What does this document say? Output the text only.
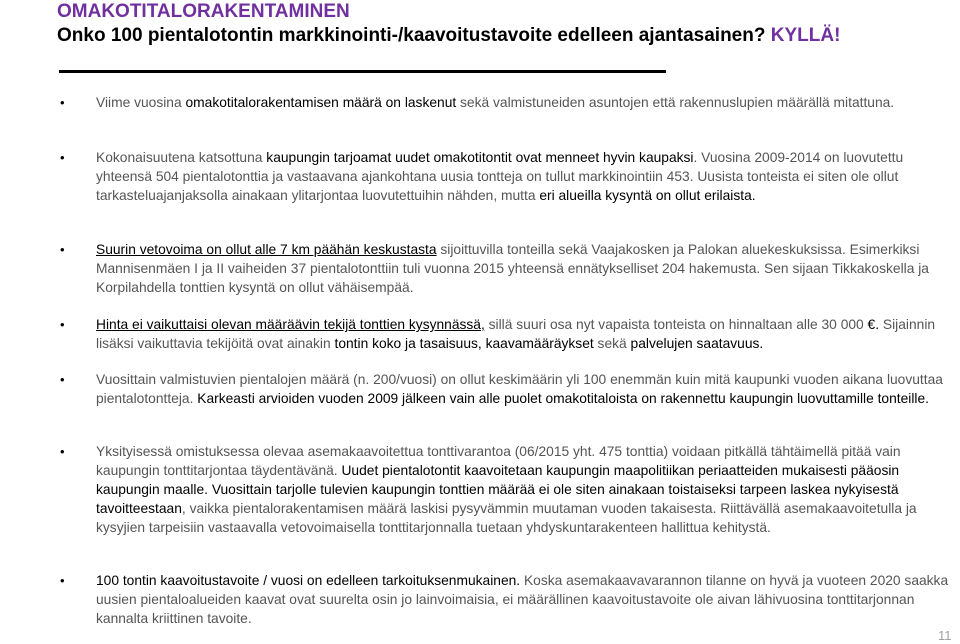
OMAKOTITALORAKENTAMINEN
Onko 100 pientalotontin markkinointi-/kaavoitustavoite edelleen ajantasainen? KYLLÄ!
• Viime vuosina omakotitalorakentamisen määrä on laskenut sekä valmistuneiden asuntojen että rakennuslupien määrällä mitattuna.
• Kokonaisuutena katsottuna kaupungin tarjoamat uudet omakotitontit ovat menneet hyvin kaupaksi. Vuosina 2009-2014 on luovutettu yhteensä 504 pientalotonttia ja vastaavana ajankohtana uusia tontteja on tullut markkinointiin 453. Uusista tonteista ei siten ole ollut tarkasteluajanjaksolla ainakaan ylitarjontaa luovutettuihin nähden, mutta eri alueilla kysyntä on ollut erilaista.
• Suurin vetovoima on ollut alle 7 km päähän keskustasta sijoittuvilla tonteilla sekä Vaajakosken ja Palokan aluekeskuksissa. Esimerkiksi Mannisenmäen I ja II vaiheiden 37 pientalotonttiin tuli vuonna 2015 yhteensä ennätykselliset 204 hakemusta. Sen sijaan Tikkakoskella ja Korpilahdella tonttien kysyntä on ollut vähäisempää.
• Hinta ei vaikuttaisi olevan määräävin tekijä tonttien kysynnässä, sillä suuri osa nyt vapaista tonteista on hinnaltaan alle 30 000 €. Sijainnin lisäksi vaikuttavia tekijöitä ovat ainakin tontin koko ja tasaisuus, kaavamääräykset sekä palvelujen saatavuus.
• Vuosittain valmistuvien pientalojen määrä (n. 200/vuosi) on ollut keskimäärin yli 100 enemmän kuin mitä kaupunki vuoden aikana luovuttaa pientalotontteja. Karkeasti arvioiden vuoden 2009 jälkeen vain alle puolet omakotitaloista on rakennettu kaupungin luovuttamille tonteille.
• Yksityisessä omistuksessa olevaa asemakaavoitettua tonttivarantoa (06/2015 yht. 475 tonttia) voidaan pitkällä tähtäimellä pitää vain kaupungin tonttitarjontaa täydentävänä. Uudet pientalotontit kaavoitetaan kaupungin maapolitiikan periaatteiden mukaisesti pääosin kaupungin maalle. Vuosittain tarjolle tulevien kaupungin tonttien määrää ei ole siten ainakaan toistaiseksi tarpeen laskea nykyisestä tavoitteestaan, vaikka pientalorakentamisen määrä laskisi pysyvämmin muutaman vuoden takaisesta. Riittävällä asemakaavoitetulla ja kysyjien tarpeisiin vastaavalla vetovoimaisella tonttitarjonnalla tuetaan yhdyskuntarakenteen hallittua kehitystä.
• 100 tontin kaavoitustavoite / vuosi on edelleen tarkoituksenmukainen. Koska asemakaavavarannon tilanne on hyvä ja vuoteen 2020 saakka uusien pientaloalueiden kaavat ovat suurelta osin jo lainvoimaisia, ei määrällinen kaavoitustavoite ole aivan lähivuosina tonttitarjonnan kannalta kriittinen tavoite.
11
